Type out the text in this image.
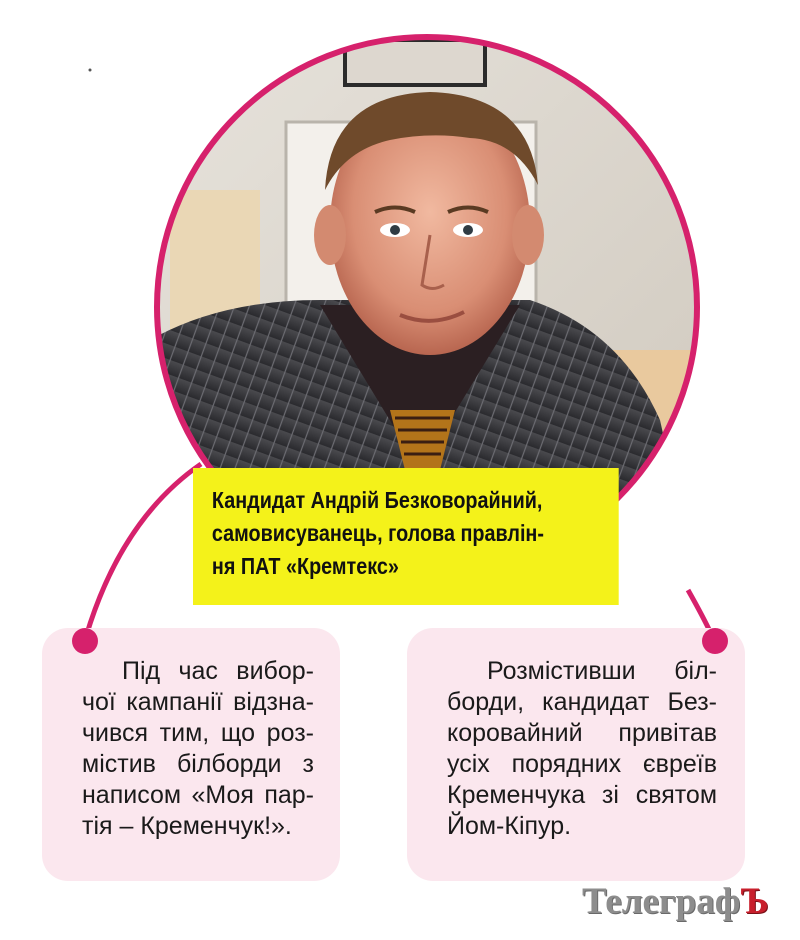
Кандидат Андрій Безковорайний,
самовисуванець, голова правлін-
ня ПАТ «Кремтекс»
Під час вибор-
чої кампанії відзна-
чився тим, що роз-
містив білборди з
написом «Моя пар-
тія – Кременчук!».
Розмістивши біл-
борди, кандидат Без-
коровайний привітав
усіх порядних євреїв
Кременчука зі святом
Йом-Кіпур.
ТелеграфЪ
